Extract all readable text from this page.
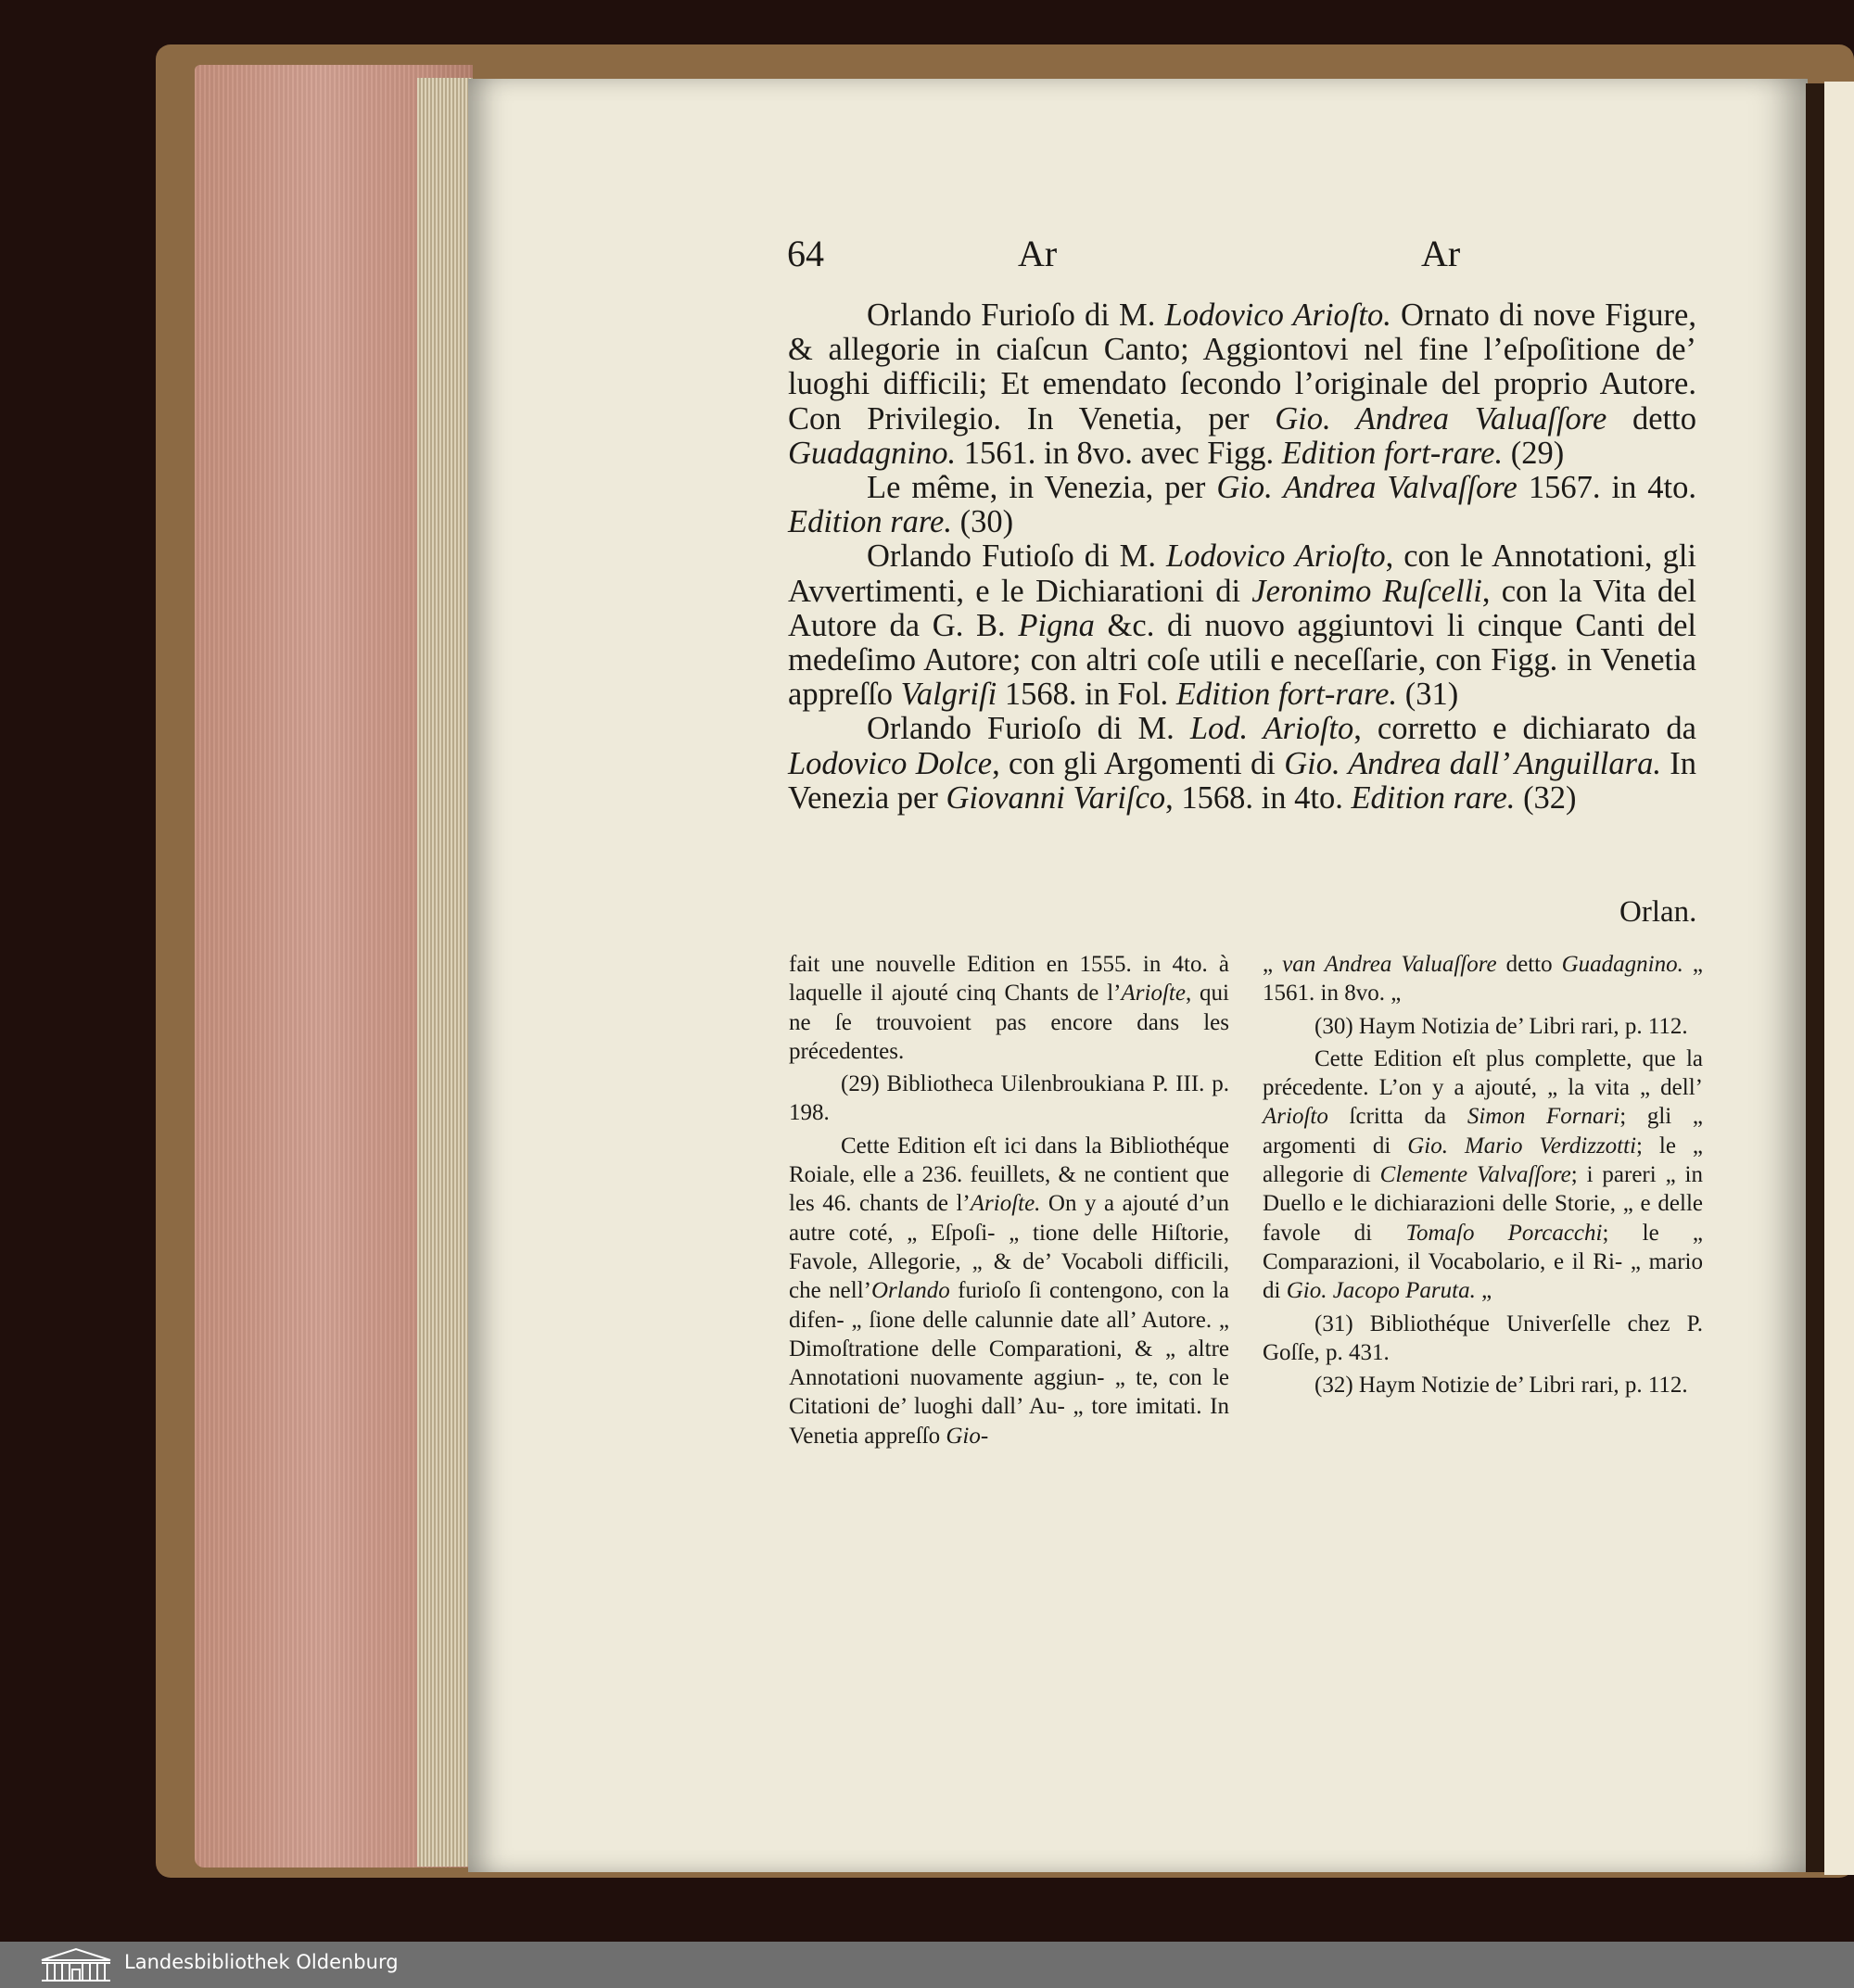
64	Ar	Ar

Orlando Furioſo di M. Lodovico Arioſto. Ornato di nove Figure, & allegorie in ciaſcun Canto; Aggiontovi nel fine l’eſpoſitione de’ luoghi difficili; Et emendato ſecondo l’originale del proprio Autore. Con Privilegio. In Venetia, per Gio. Andrea Valuaſſore detto Guadagnino. 1561. in 8vo. avec Figg. Edition fort-rare. (29)

Le même, in Venezia, per Gio. Andrea Valvaſſore 1567. in 4to. Edition rare. (30)

Orlando Futioſo di M. Lodovico Arioſto, con le Annotationi, gli Avvertimenti, e le Dichiarationi di Jeronimo Ruſcelli, con la Vita del Autore da G. B. Pigna &c. di nuovo aggiuntovi li cinque Canti del medeſimo Autore; con altri coſe utili e neceſſarie, con Figg. in Venetia appreſſo Valgriſi 1568. in Fol. Edition fort-rare. (31)

Orlando Furioſo di M. Lod. Arioſto, corretto e dichiarato da Lodovico Dolce, con gli Argomenti di Gio. Andrea dall’ Anguillara. In Venezia per Giovanni Variſco, 1568. in 4to. Edition rare. (32)

Orlan.

fait une nouvelle Edition en 1555. in 4to. à laquelle il ajouté cinq Chants de l’Arioſte, qui ne ſe trouvoient pas encore dans les précedentes.

(29) Bibliotheca Uilenbroukiana P. III. p. 198.

Cette Edition eſt ici dans la Bibliothéque Roiale, elle a 236. feuillets, & ne contient que les 46. chants de l’Arioſte. On y a ajouté d’un autre coté, „ Eſpoſi- „ tione delle Hiſtorie, Favole, Allegorie, „ & de’ Vocaboli difficili, che nell’Orlando furioſo ſi contengono, con la difen- „ ſione delle calunnie date all’ Autore. „ Dimoſtratione delle Comparationi, & „ altre Annotationi nuovamente aggiun- „ te, con le Citationi de’ luoghi dall’ Au- „ tore imitati. In Venetia appreſſo Gio-

„ van Andrea Valuaſſore detto Guadagnino. „ 1561. in 8vo. „

(30) Haym Notizia de’ Libri rari, p. 112.

Cette Edition eſt plus complette, que la précedente. L’on y a ajouté, „ la vita „ dell’ Arioſto ſcritta da Simon Fornari; gli „ argomenti di Gio. Mario Verdizzotti; le „ allegorie di Clemente Valvaſſore; i pareri „ in Duello e le dichiarazioni delle Storie, „ e delle favole di Tomaſo Porcacchi; le „ Comparazioni, il Vocabolario, e il Ri- „ mario di Gio. Jacopo Paruta. „

(31) Bibliothéque Univerſelle chez P. Goſſe, p. 431.

(32) Haym Notizie de’ Libri rari, p. 112.

Landesbibliothek Oldenburg
